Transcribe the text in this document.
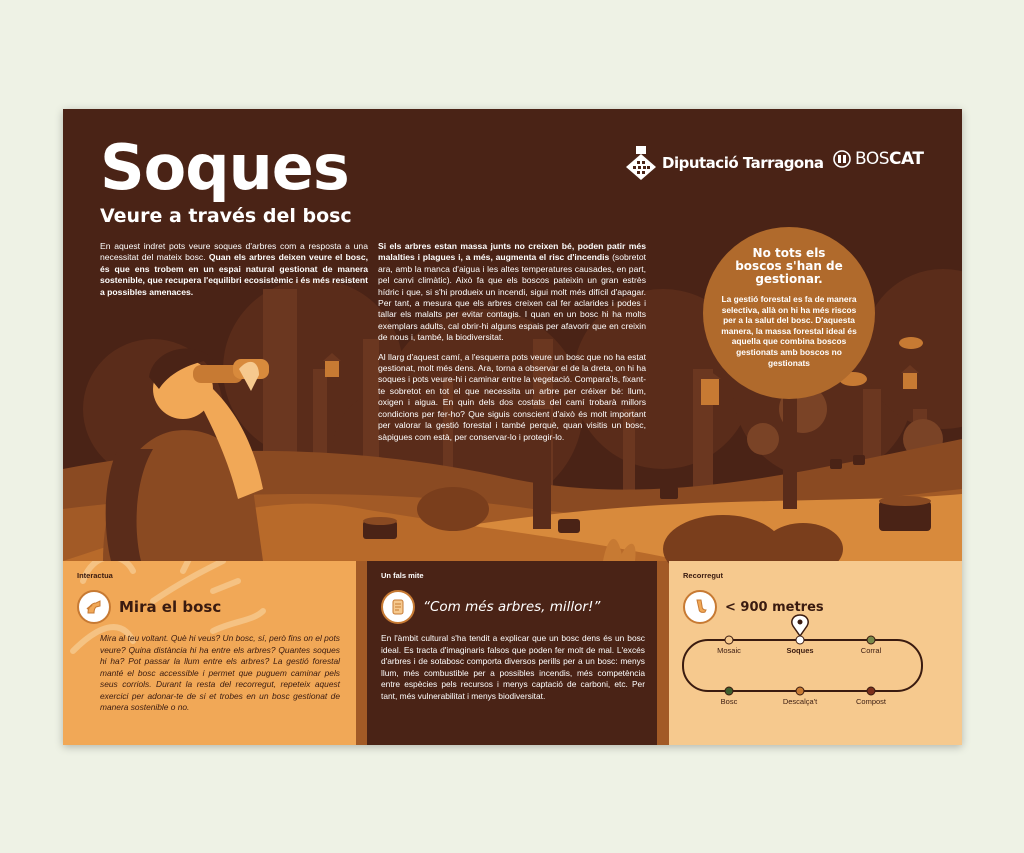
Soques
Veure a través del bosc
Diputació Tarragona BOSCAT

En aquest indret pots veure soques d'arbres com a resposta a una necessitat del mateix bosc. Quan els arbres deixen veure el bosc, és que ens trobem en un espai natural gestionat de manera sostenible, que recupera l'equilibri ecosistèmic i és més resistent a possibles amenaces.

Si els arbres estan massa junts no creixen bé, poden patir més malalties i plagues i, a més, augmenta el risc d'incendis (sobretot ara, amb la manca d'aigua i les altes temperatures causades, en part, pel canvi climàtic). Això fa que els boscos pateixin un gran estrès hídric i que, si s'hi produeix un incendi, sigui molt més difícil d'apagar. Per tant, a mesura que els arbres creixen cal fer aclarides i podes i tallar els malalts per evitar contagis. I quan en un bosc hi ha molts exemplars adults, cal obrir-hi alguns espais per afavorir que en creixin de nous i, també, la biodiversitat.

Al llarg d'aquest camí, a l'esquerra pots veure un bosc que no ha estat gestionat, molt més dens. Ara, torna a observar el de la dreta, on hi ha soques i pots veure-hi i caminar entre la vegetació. Compara'ls, fixant-te sobretot en tot el que necessita un arbre per créixer bé: llum, oxigen i aigua. En quin dels dos costats del camí trobarà millors condicions per fer-ho? Que siguis conscient d'això és molt important per valorar la gestió forestal i també perquè, quan visitis un bosc, sàpigues com està, per conservar-lo i protegir-lo.

No tots els boscos s'han de gestionar.

La gestió forestal es fa de manera selectiva, allà on hi ha més riscos per a la salut del bosc. D'aquesta manera, la massa forestal ideal és aquella que combina boscos gestionats amb boscos no gestionats

Interactua

Mira el bosc

Mira al teu voltant. Què hi veus? Un bosc, sí, però fins on el pots veure? Quina distància hi ha entre els arbres? Quantes soques hi ha? Pot passar la llum entre els arbres? La gestió forestal manté el bosc accessible i permet que puguem caminar pels seus corriols. Durant la resta del recorregut, repeteix aquest exercici per adonar-te de si et trobes en un bosc gestionat de manera sostenible o no.

Un fals mite

“Com més arbres, millor!”

En l'àmbit cultural s'ha tendit a explicar que un bosc dens és un bosc ideal. Es tracta d'imaginaris falsos que poden fer molt de mal. L'excés d'arbres i de sotabosc comporta diversos perills per a un bosc: menys llum, més combustible per a possibles incendis, més competència entre espècies pels recursos i menys captació de carboni, etc. Per tant, més vulnerabilitat i menys biodiversitat.

Recorregut

< 900 metres
Mosaic	Soques	Corral
Bosc	Descalça't	Compost
